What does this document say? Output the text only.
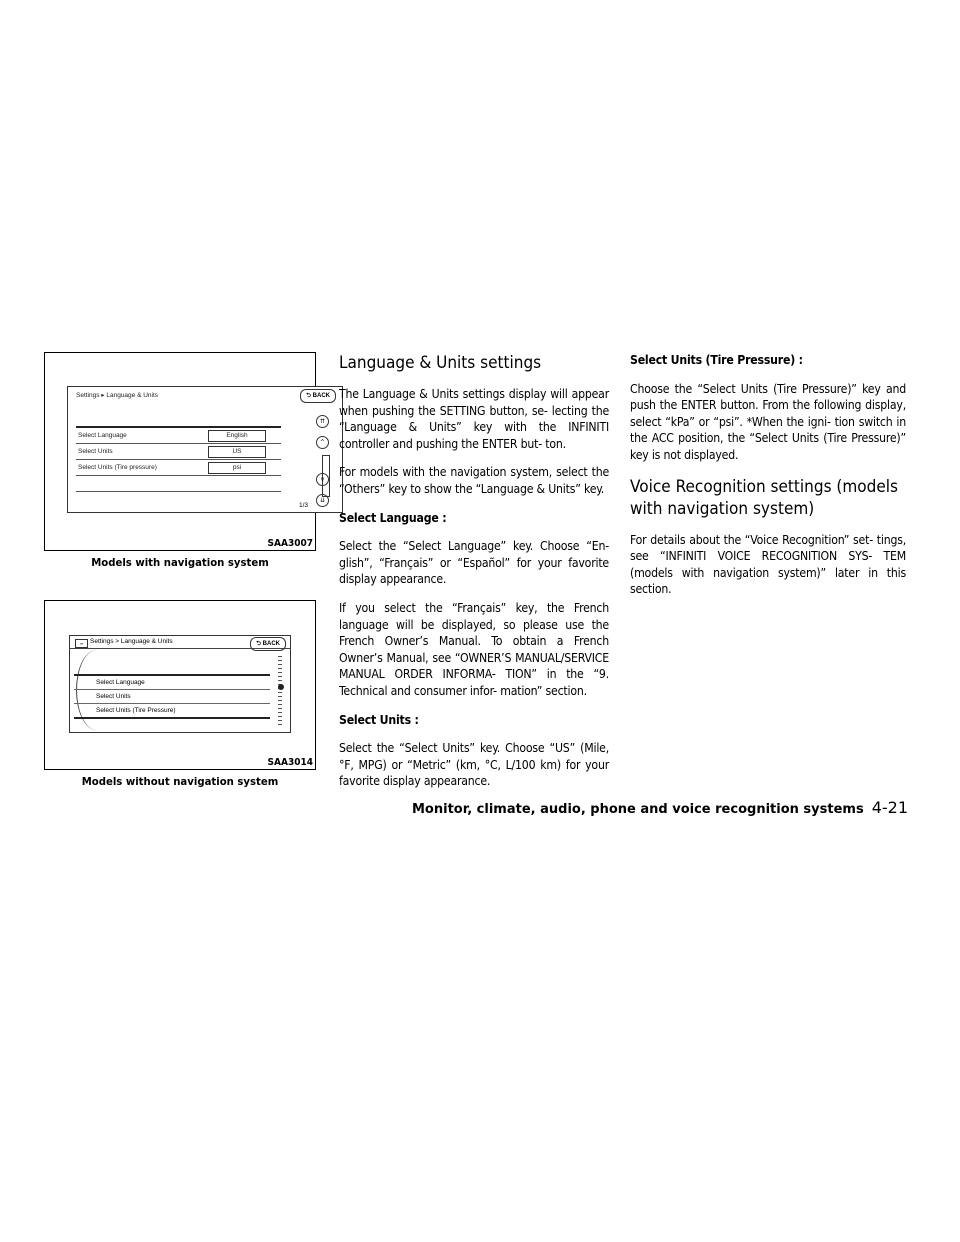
Settings ▸ Language & Units	⮌ BACK
Select Language	English
Select Units	US
Select Units (Tire pressure)	psi
⇈
^
v
⇊
1/3
SAA3007
Models with navigation system
≡	Settings > Language & Units	⮌ BACK
Select Language
Select Units
Select Units (Tire Pressure)
SAA3014
Models without navigation system
Language & Units settings

The Language & Units settings display will appear when pushing the SETTING button, se- lecting the “Language & Units” key with the INFINITI controller and pushing the ENTER but- ton.

For models with the navigation system, select the “Others” key to show the “Language & Units” key.

Select Language :

Select the “Select Language” key. Choose “En- glish”, “Français” or “Español” for your favorite display appearance.

If you select the “Français” key, the French language will be displayed, so please use the French Owner’s Manual. To obtain a French Owner’s Manual, see “OWNER’S MANUAL/SERVICE MANUAL ORDER INFORMA- TION” in the “9. Technical and consumer infor- mation” section.

Select Units :

Select the “Select Units” key. Choose “US” (Mile, °F, MPG) or “Metric” (km, °C, L/100 km) for your favorite display appearance.

Select Units (Tire Pressure) :

Choose the “Select Units (Tire Pressure)” key and push the ENTER button. From the following display, select “kPa” or “psi”. *When the igni- tion switch in the ACC position, the “Select Units (Tire Pressure)” key is not displayed.

Voice Recognition settings (models
with navigation system)

For details about the “Voice Recognition” set- tings, see “INFINITI VOICE RECOGNITION SYS- TEM (models with navigation system)” later in this section.

Monitor, climate, audio, phone and voice recognition systems 4-21
